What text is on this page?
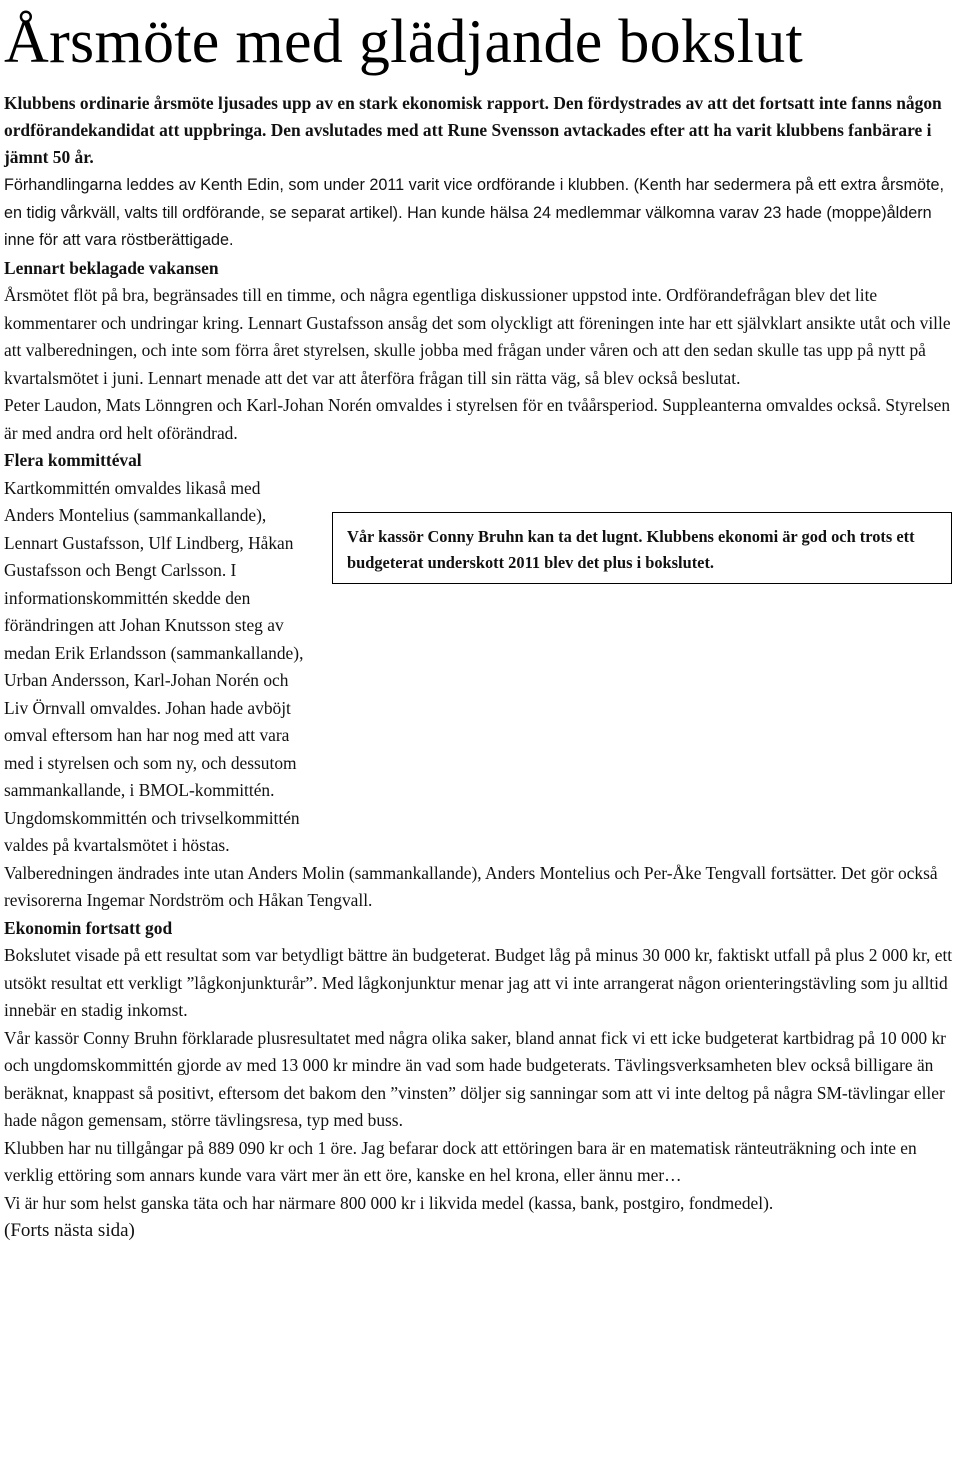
Årsmöte med glädjande bokslut

Klubbens ordinarie årsmöte ljusades upp av en stark ekonomisk rapport. Den fördystrades av att det fortsatt inte fanns någon ordförandekandidat att uppbringa. Den avslutades med att Rune Svensson avtackades efter att ha varit klubbens fanbärare i jämnt 50 år.

Förhandlingarna leddes av Kenth Edin, som under 2011 varit vice ordförande i klubben. (Kenth har sedermera på ett extra årsmöte, en tidig vårkväll, valts till ordförande, se separat artikel). Han kunde hälsa 24 medlemmar välkomna varav 23 hade (moppe)åldern inne för att vara röstberättigade.

Lennart beklagade vakansen

Årsmötet flöt på bra, begränsades till en timme, och några egentliga diskussioner uppstod inte. Ordförandefrågan blev det lite kommentarer och undringar kring. Lennart Gustafsson ansåg det som olyckligt att föreningen inte har ett självklart ansikte utåt och ville att valberedningen, och inte som förra året styrelsen, skulle jobba med frågan under våren och att den sedan skulle tas upp på nytt på kvartalsmötet i juni. Lennart menade att det var att återföra frågan till sin rätta väg, så blev också beslutat.

Peter Laudon, Mats Lönngren och Karl-Johan Norén omvaldes i styrelsen för en tvåårsperiod. Suppleanterna omvaldes också. Styrelsen är med andra ord helt oförändrad.

Flera kommittéval

Kartkommittén omvaldes likaså med Anders Montelius (sammankallande), Lennart Gustafsson, Ulf Lindberg, Håkan Gustafsson och Bengt Carlsson. I informationskommittén skedde den förändringen att Johan Knutsson steg av medan Erik Erlandsson (sammankallande), Urban Andersson, Karl-Johan Norén och Liv Örnvall omvaldes. Johan hade avböjt omval eftersom han har nog med att vara med i styrelsen och som ny, och dessutom sammankallande, i BMOL-kommittén. Ungdomskommittén och trivselkommittén valdes på kvartalsmötet i höstas.

Valberedningen ändrades inte utan Anders Molin (sammankallande), Anders Montelius och Per-Åke Tengvall fortsätter. Det gör också revisorerna Ingemar Nordström och Håkan Tengvall.

Ekonomin fortsatt god

Bokslutet visade på ett resultat som var betydligt bättre än budgeterat. Budget låg på minus 30 000 kr, faktiskt utfall på plus 2 000 kr, ett utsökt resultat ett verkligt ”lågkonjunkturår”. Med lågkonjunktur menar jag att vi inte arrangerat någon orienteringstävling som ju alltid innebär en stadig inkomst.

Vår kassör Conny Bruhn förklarade plusresultatet med några olika saker, bland annat fick vi ett icke budgeterat kartbidrag på 10 000 kr och ungdomskommittén gjorde av med 13 000 kr mindre än vad som hade budgeterats. Tävlingsverksamheten blev också billigare än beräknat, knappast så positivt, eftersom det bakom den ”vinsten” döljer sig sanningar som att vi inte deltog på några SM-tävlingar eller hade någon gemensam, större tävlingsresa, typ med buss.

Klubben har nu tillgångar på 889 090 kr och 1 öre. Jag befarar dock att ettöringen bara är en matematisk ränteuträkning och inte en verklig ettöring som annars kunde vara värt mer än ett öre, kanske en hel krona, eller ännu mer…

Vi är hur som helst ganska täta och har närmare 800 000 kr i likvida medel (kassa, bank, postgiro, fondmedel).

(Forts nästa sida)

Vår kassör Conny Bruhn kan ta det lugnt. Klubbens ekonomi är god och trots ett budgeterat underskott 2011 blev det plus i bokslutet.
